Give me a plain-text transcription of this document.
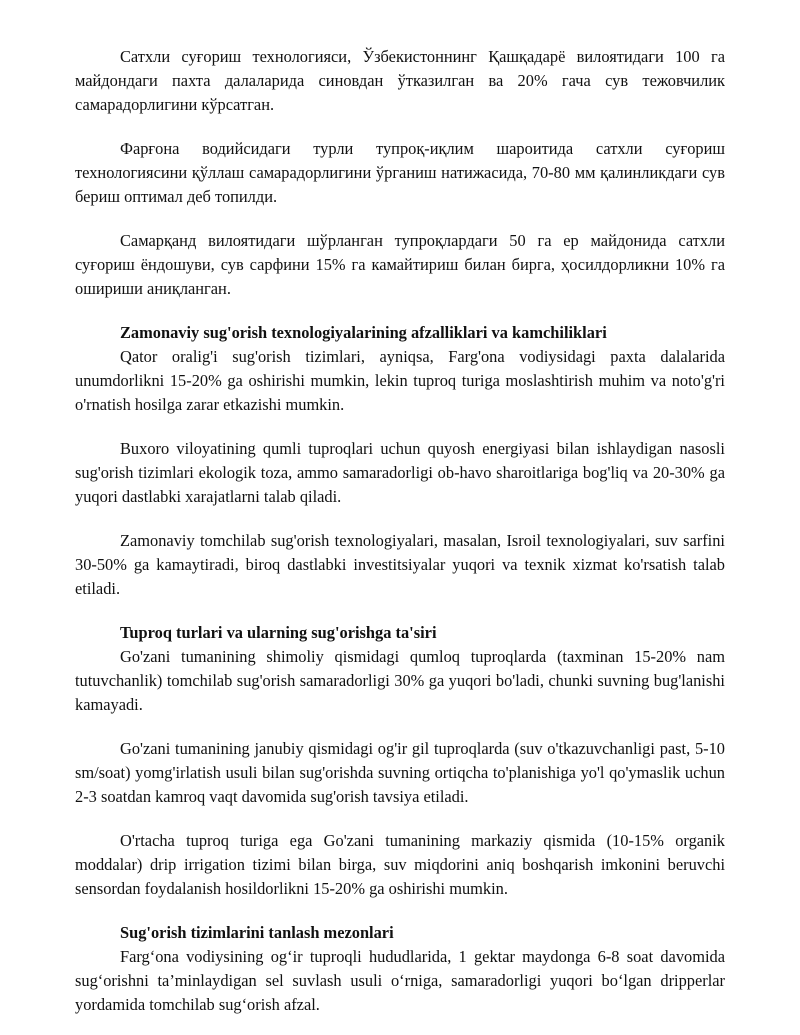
Сатхли суғориш технологияси, Ўзбекистоннинг Қашқадарё вилоятидаги 100 га майдондаги пахта далаларида синовдан ўтказилган ва 20% гача сув тежовчилик самарадорлигини кўрсатган.

Фарғона водийсидаги турли тупроқ-иқлим шароитида сатхли суғориш технологиясини қўллаш самарадорлигини ўрганиш натижасида, 70-80 мм қалинликдаги сув бериш оптимал деб топилди.

Самарқанд вилоятидаги шўрланган тупроқлардаги 50 га ер майдонида сатхли суғориш ёндошуви, сув сарфини 15% га камайтириш билан бирга, ҳосилдорликни 10% га ошириши аниқланган.

Zamonaviy sug'orish texnologiyalarining afzalliklari va kamchiliklari

Qator oralig'i sug'orish tizimlari, ayniqsa, Farg'ona vodiysidagi paxta dalalarida unumdorlikni 15-20% ga oshirishi mumkin, lekin tuproq turiga moslashtirish muhim va noto'g'ri o'rnatish hosilga zarar etkazishi mumkin.

Buxoro viloyatining qumli tuproqlari uchun quyosh energiyasi bilan ishlaydigan nasosli sug'orish tizimlari ekologik toza, ammo samaradorligi ob-havo sharoitlariga bog'liq va 20-30% ga yuqori dastlabki xarajatlarni talab qiladi.

Zamonaviy tomchilab sug'orish texnologiyalari, masalan, Isroil texnologiyalari, suv sarfini 30-50% ga kamaytiradi, biroq dastlabki investitsiyalar yuqori va texnik xizmat ko'rsatish talab etiladi.

Tuproq turlari va ularning sug'orishga ta'siri

Go'zani tumanining shimoliy qismidagi qumloq tuproqlarda (taxminan 15-20% nam tutuvchanlik) tomchilab sug'orish samaradorligi 30% ga yuqori bo'ladi, chunki suvning bug'lanishi kamayadi.

Go'zani tumanining janubiy qismidagi og'ir gil tuproqlarda (suv o'tkazuvchanligi past, 5-10 sm/soat) yomg'irlatish usuli bilan sug'orishda suvning ortiqcha to'planishiga yo'l qo'ymaslik uchun 2-3 soatdan kamroq vaqt davomida sug'orish tavsiya etiladi.

O'rtacha tuproq turiga ega Go'zani tumanining markaziy qismida (10-15% organik moddalar) drip irrigation tizimi bilan birga, suv miqdorini aniq boshqarish imkonini beruvchi sensordan foydalanish hosildorlikni 15-20% ga oshirishi mumkin.

Sug'orish tizimlarini tanlash mezonlari

Farg‘ona vodiysining og‘ir tuproqli hududlarida, 1 gektar maydonga 6-8 soat davomida sug‘orishni ta’minlaydigan sel suvlash usuli o‘rniga, samaradorligi yuqori bo‘lgan dripperlar yordamida tomchilab sug‘orish afzal.
